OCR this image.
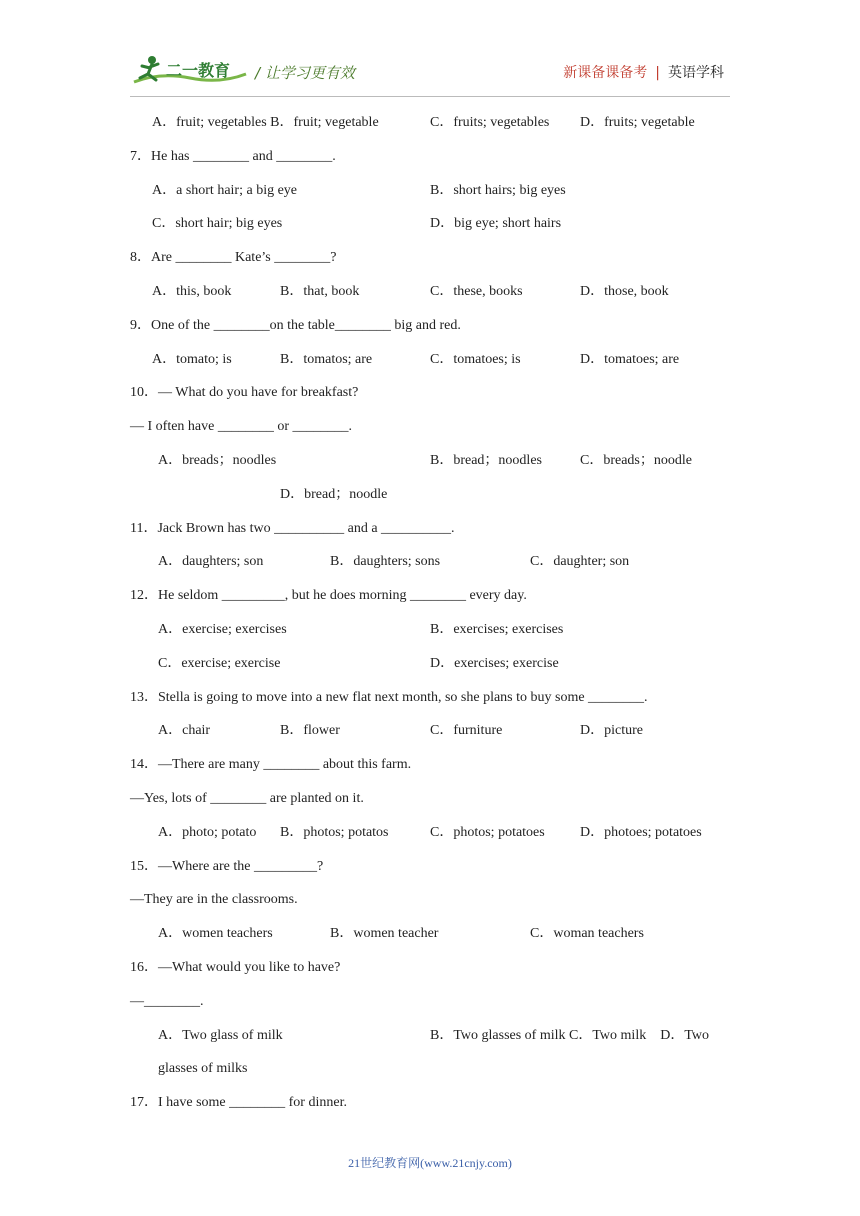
二一教育 / 让学习更有效	新课备课备考 | 英语学科
A．fruit; vegetables B．fruit; vegetable	C．fruits; vegetables D．fruits; vegetable
7．He has ________ and ________.
A．a short hair; a big eye	B．short hairs; big eyes
C．short hair; big eyes	D．big eye; short hairs
8．Are ________ Kate’s ________?
A．this, book	B．that, book	C．these, books	D．those, book
9．One of the ________on the table________ big and red.
A．tomato; is	B．tomatos; are	C．tomatoes; is	D．tomatoes; are
10．— What do you have for breakfast?
— I often have ________ or ________.
A．breads；noodles	B．bread；noodles	C．breads；noodle
D．bread；noodle
11．Jack Brown has two __________ and a __________.
A．daughters; son	B．daughters; sons	C．daughter; son
12．He seldom _________, but he does morning ________ every day.
A．exercise; exercises	B．exercises; exercises
C．exercise; exercise	D．exercises; exercise
13．Stella is going to move into a new flat next month, so she plans to buy some ________.
A．chair	B．flower	C．furniture	D．picture
14．—There are many ________ about this farm.
—Yes, lots of ________ are planted on it.
A．photo; potato B．photos; potatos	C．photos; potatoes	D．photoes; potatoes
15．—Where are the _________?
—They are in the classrooms.
A．women teachers	B．women teacher	C．woman teachers
16．—What would you like to have?
—________.
A．Two glass of milk	B．Two glasses of milk C．Two milk　D．Two
glasses of milks
17．I have some ________ for dinner.
21世纪教育网(www.21cnjy.com)
